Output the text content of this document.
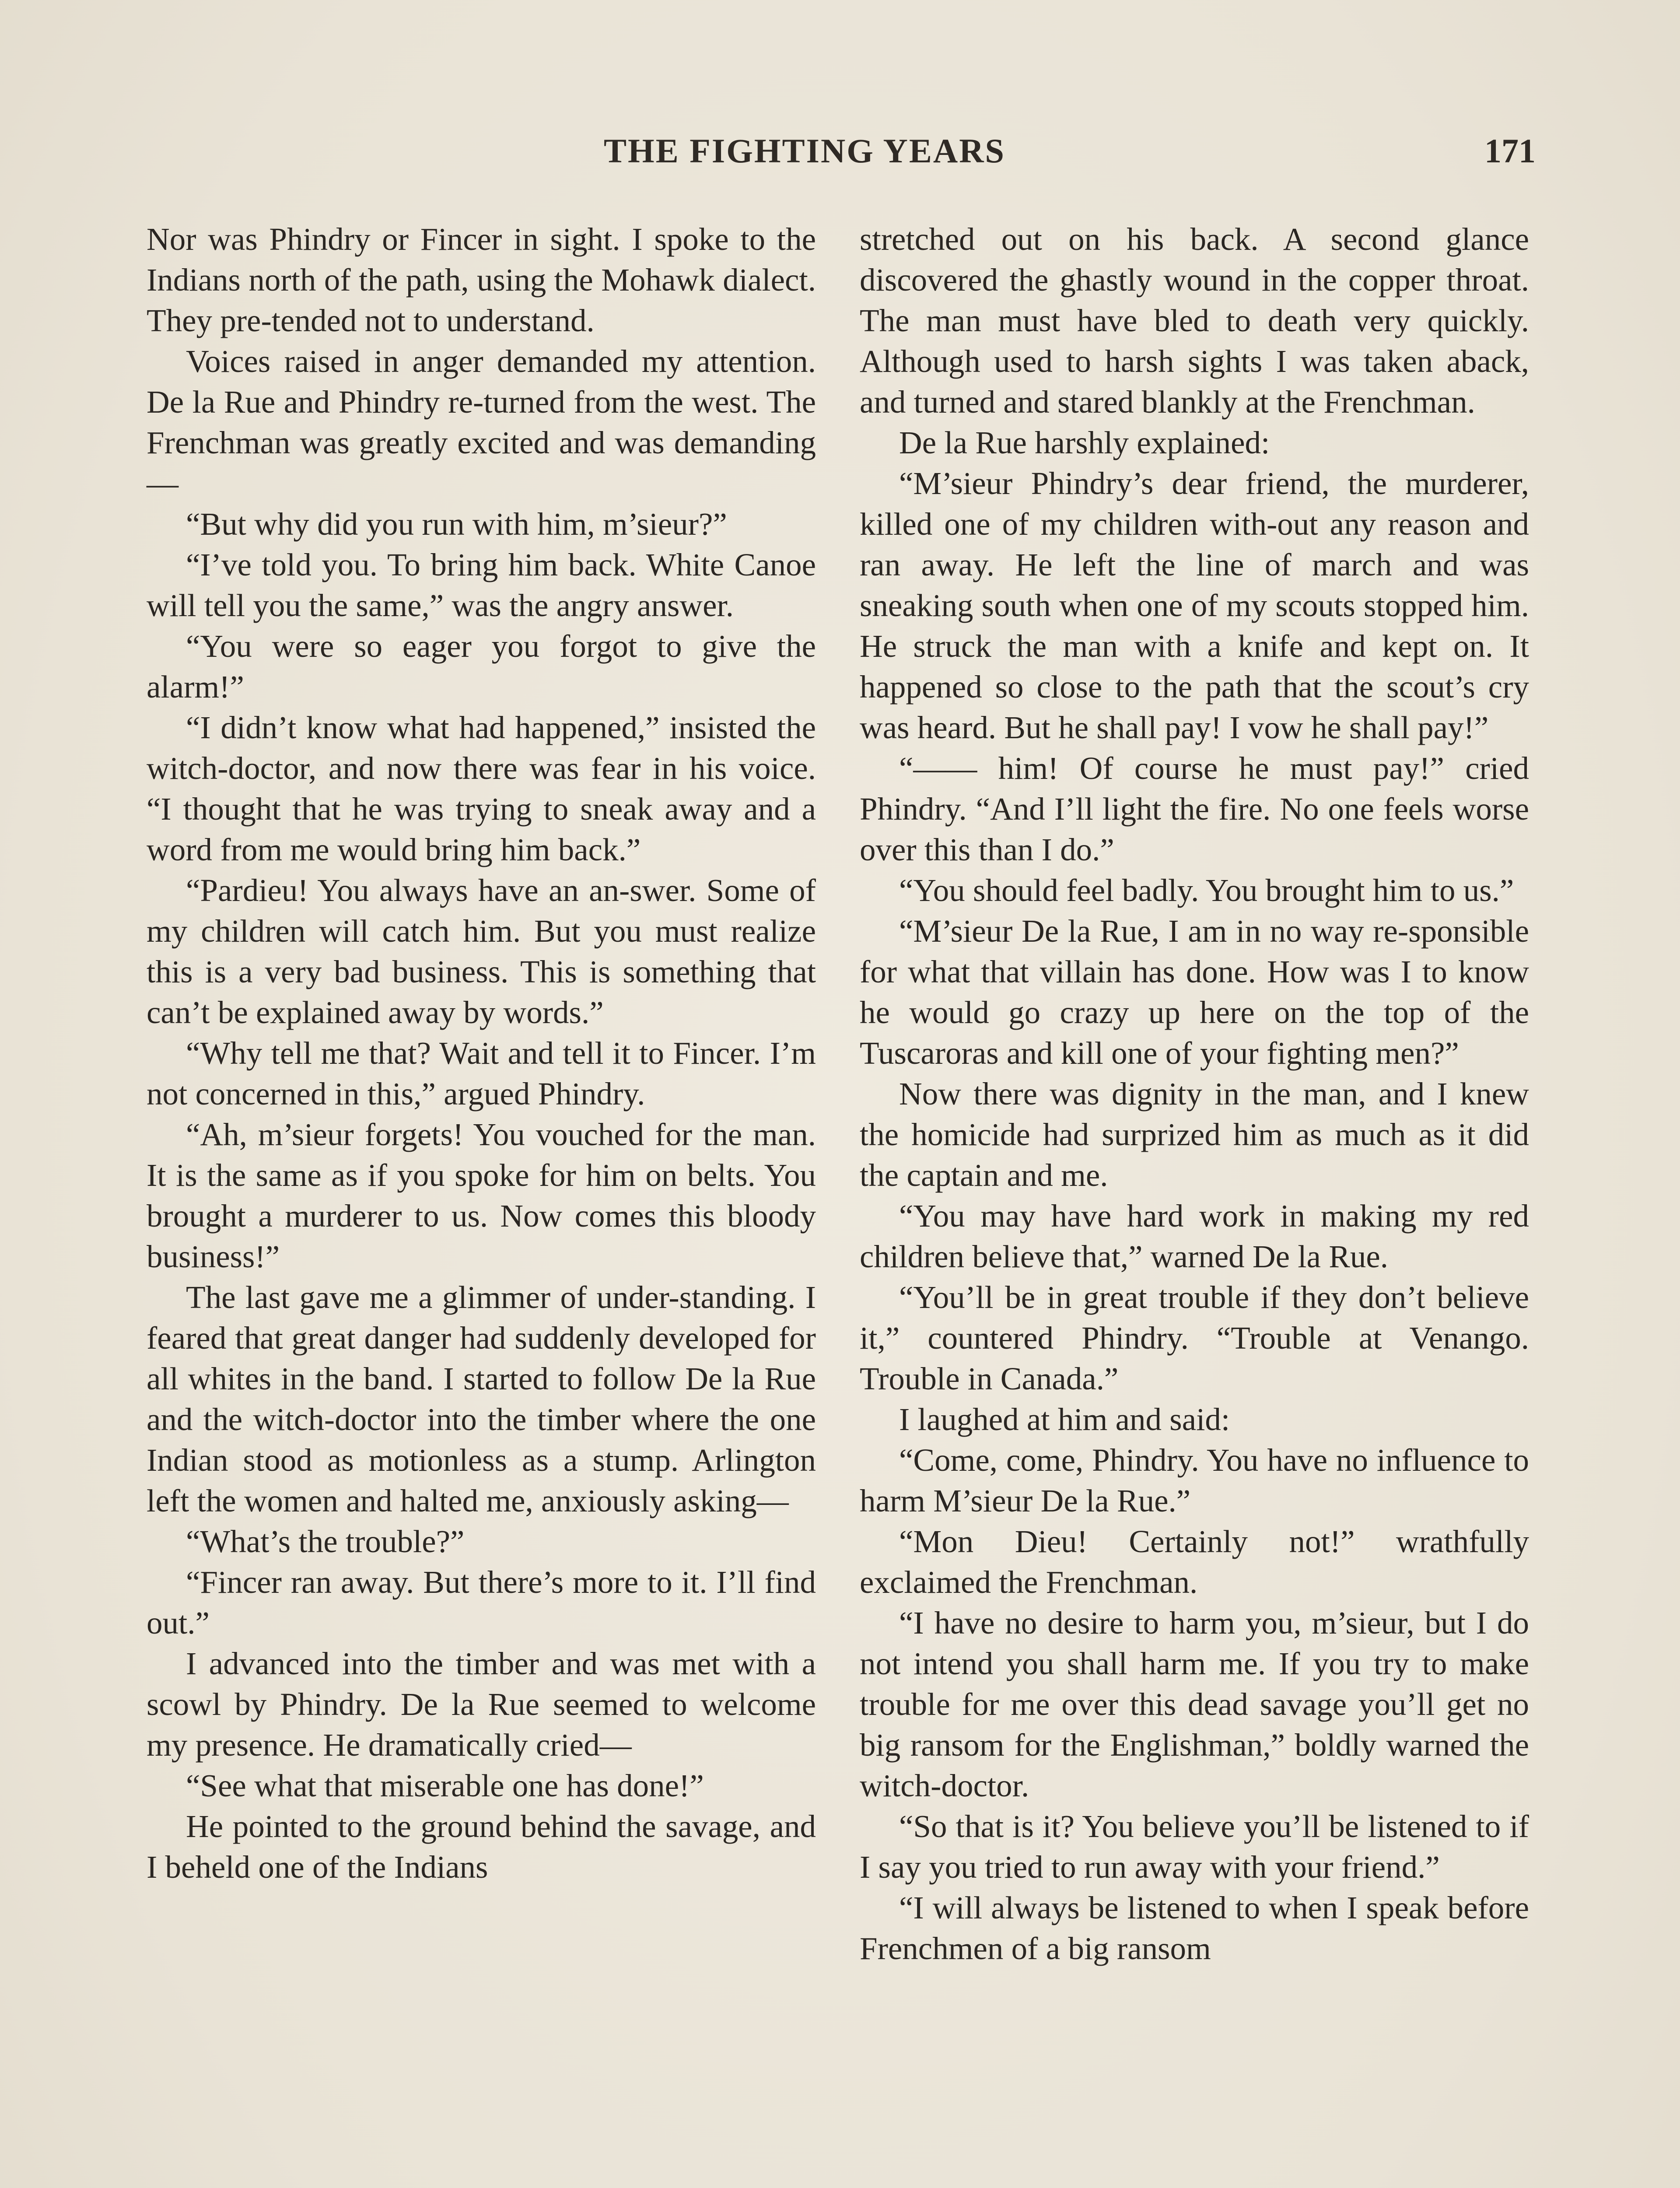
THE FIGHTING YEARS	171

Nor was Phindry or Fincer in sight. I spoke to the Indians north of the path, using the Mohawk dialect. They pre-tended not to understand.

Voices raised in anger demanded my attention. De la Rue and Phindry re-turned from the west. The Frenchman was greatly excited and was demanding—

“But why did you run with him, m’sieur?”

“I’ve told you. To bring him back. White Canoe will tell you the same,” was the angry answer.

“You were so eager you forgot to give the alarm!”

“I didn’t know what had happened,” insisted the witch-doctor, and now there was fear in his voice. “I thought that he was trying to sneak away and a word from me would bring him back.”

“Pardieu! You always have an an-swer. Some of my children will catch him. But you must realize this is a very bad business. This is something that can’t be explained away by words.”

“Why tell me that? Wait and tell it to Fincer. I’m not concerned in this,” argued Phindry.

“Ah, m’sieur forgets! You vouched for the man. It is the same as if you spoke for him on belts. You brought a murderer to us. Now comes this bloody business!”

The last gave me a glimmer of under-standing. I feared that great danger had suddenly developed for all whites in the band. I started to follow De la Rue and the witch-doctor into the timber where the one Indian stood as motionless as a stump. Arlington left the women and halted me, anxiously asking—

“What’s the trouble?”

“Fincer ran away. But there’s more to it. I’ll find out.”

I advanced into the timber and was met with a scowl by Phindry. De la Rue seemed to welcome my presence. He dramatically cried—

“See what that miserable one has done!”

He pointed to the ground behind the savage, and I beheld one of the Indians

stretched out on his back. A second glance discovered the ghastly wound in the copper throat. The man must have bled to death very quickly. Although used to harsh sights I was taken aback, and turned and stared blankly at the Frenchman.

De la Rue harshly explained:

“M’sieur Phindry’s dear friend, the murderer, killed one of my children with-out any reason and ran away. He left the line of march and was sneaking south when one of my scouts stopped him. He struck the man with a knife and kept on. It happened so close to the path that the scout’s cry was heard. But he shall pay! I vow he shall pay!”

“—— him! Of course he must pay!” cried Phindry. “And I’ll light the fire. No one feels worse over this than I do.”

“You should feel badly. You brought him to us.”

“M’sieur De la Rue, I am in no way re-sponsible for what that villain has done. How was I to know he would go crazy up here on the top of the Tuscaroras and kill one of your fighting men?”

Now there was dignity in the man, and I knew the homicide had surprized him as much as it did the captain and me.

“You may have hard work in making my red children believe that,” warned De la Rue.

“You’ll be in great trouble if they don’t believe it,” countered Phindry. “Trouble at Venango. Trouble in Canada.”

I laughed at him and said:

“Come, come, Phindry. You have no influence to harm M’sieur De la Rue.”

“Mon Dieu! Certainly not!” wrathfully exclaimed the Frenchman.

“I have no desire to harm you, m’sieur, but I do not intend you shall harm me. If you try to make trouble for me over this dead savage you’ll get no big ransom for the Englishman,” boldly warned the witch-doctor.

“So that is it? You believe you’ll be listened to if I say you tried to run away with your friend.”

“I will always be listened to when I speak before Frenchmen of a big ransom
